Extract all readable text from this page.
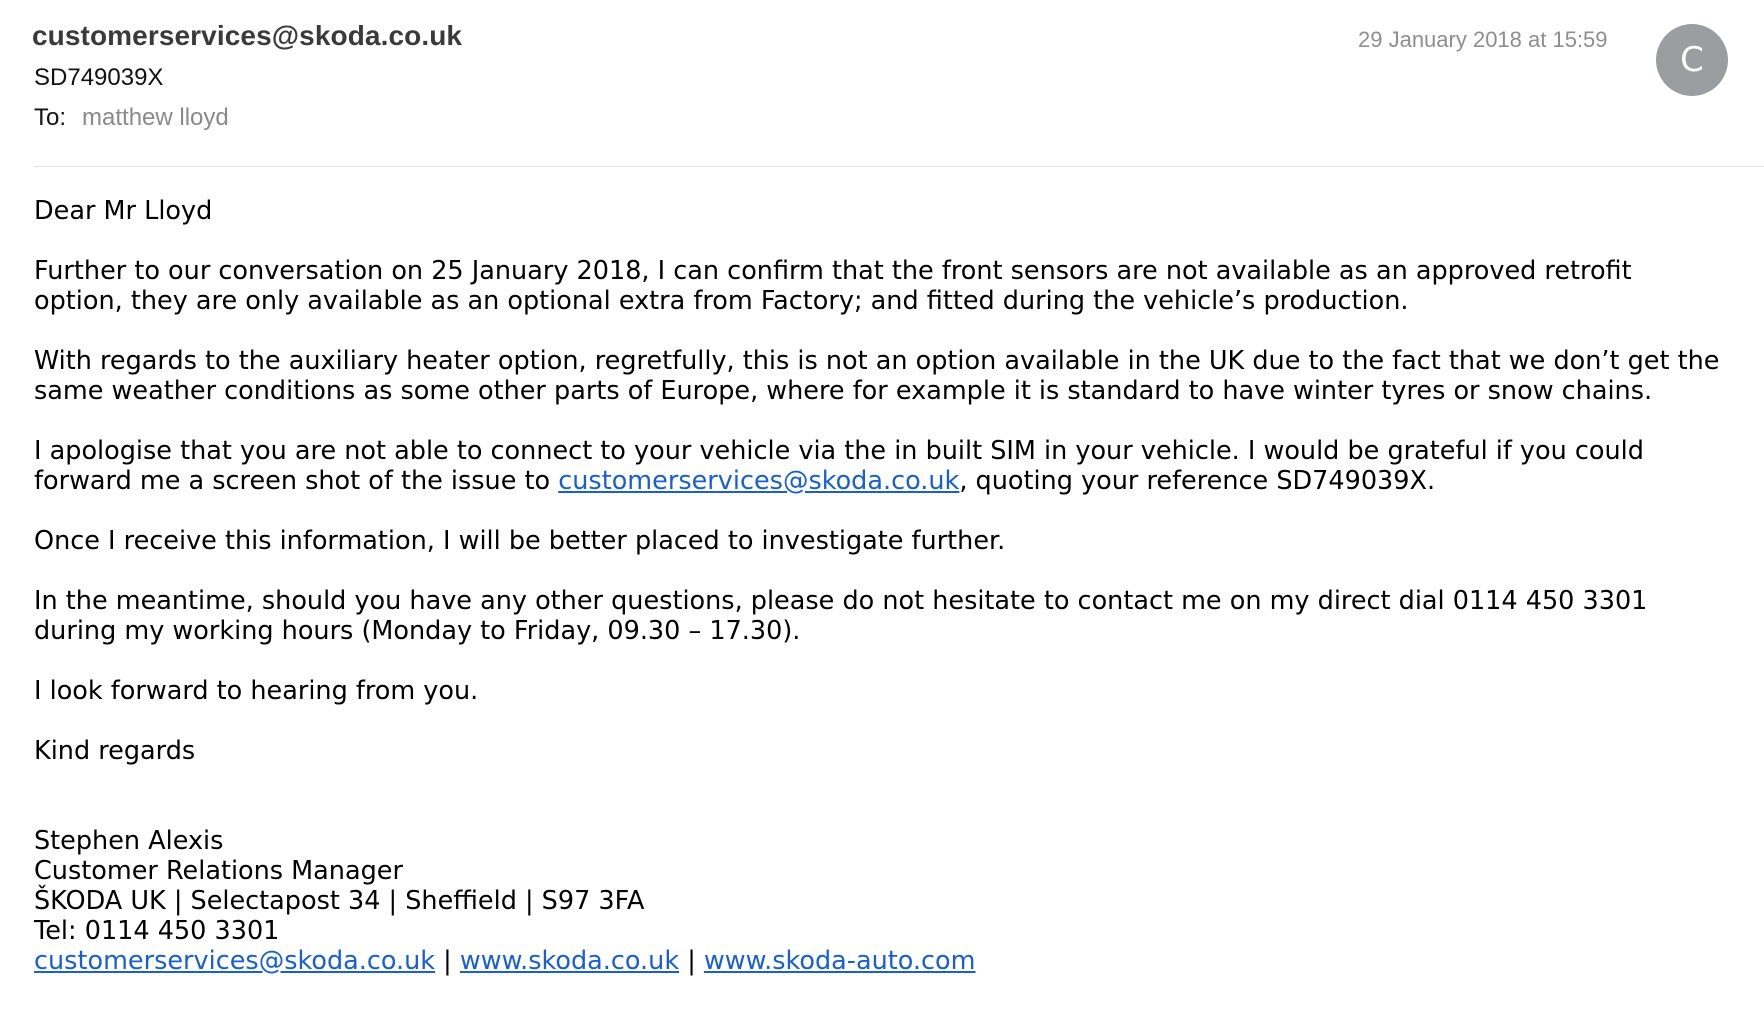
customerservices@skoda.co.uk
SD749039X
To: matthew lloyd
29 January 2018 at 15:59
C

Dear Mr Lloyd

Further to our conversation on 25 January 2018, I can confirm that the front sensors are not available as an approved retrofit option, they are only available as an optional extra from Factory; and fitted during the vehicle’s production.

With regards to the auxiliary heater option, regretfully, this is not an option available in the UK due to the fact that we don’t get the same weather conditions as some other parts of Europe, where for example it is standard to have winter tyres or snow chains.

I apologise that you are not able to connect to your vehicle via the in built SIM in your vehicle. I would be grateful if you could forward me a screen shot of the issue to customerservices@skoda.co.uk, quoting your reference SD749039X.

Once I receive this information, I will be better placed to investigate further.

In the meantime, should you have any other questions, please do not hesitate to contact me on my direct dial 0114 450 3301 during my working hours (Monday to Friday, 09.30 – 17.30).

I look forward to hearing from you.

Kind regards

Stephen Alexis
Customer Relations Manager
ŠKODA UK | Selectapost 34 | Sheffield | S97 3FA
Tel: 0114 450 3301
customerservices@skoda.co.uk | www.skoda.co.uk | www.skoda-auto.com
